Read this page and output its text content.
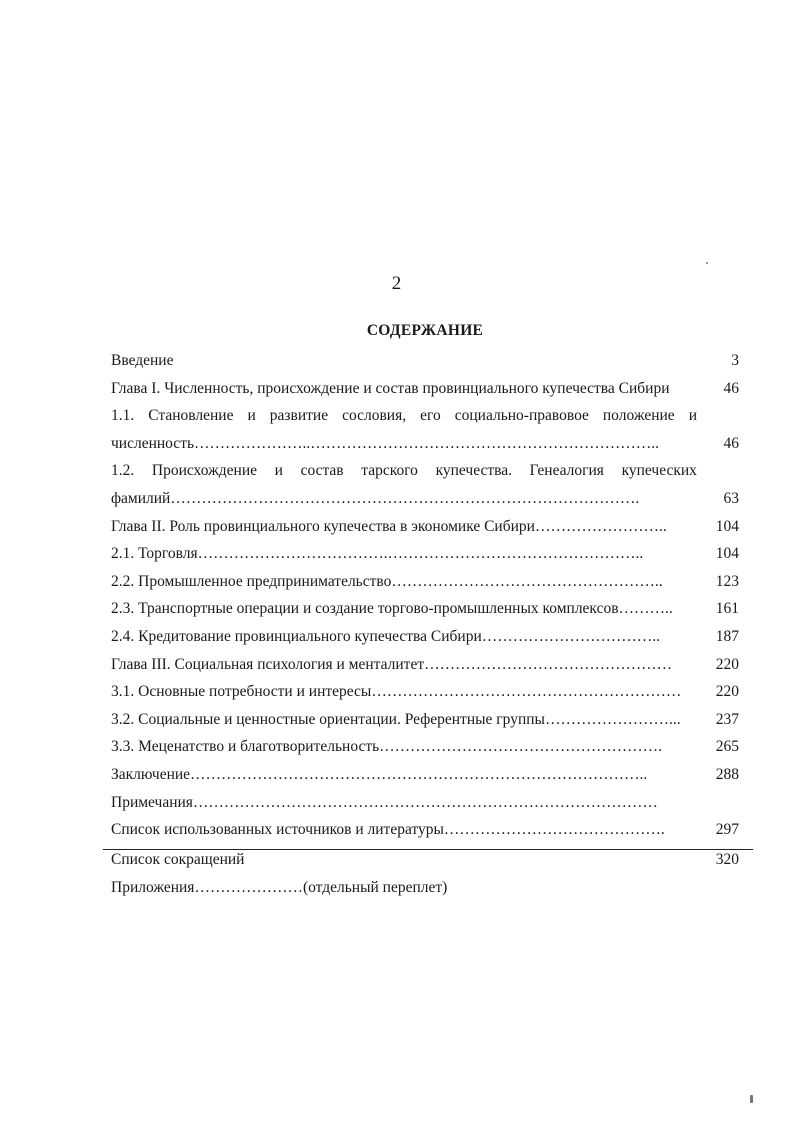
2
СОДЕРЖАНИЕ
Введение	3
Глава I. Численность, происхождение и состав провинциального купечества Сибири	46
1.1. Становление и развитие сословия, его социально-правовое положение и
численность…………………..…………………………………………………………..	46
1.2. Происхождение и состав тарского купечества. Генеалогия купеческих
фамилий……………………………………………………………………………….	63
Глава II. Роль провинциального купечества в экономике Сибири……………………..	104
2.1. Торговля……………………………….…………………………………………..	104
2.2. Промышленное предпринимательство……………………………………………..	123
2.3. Транспортные операции и создание торгово-промышленных комплексов………..	161
2.4. Кредитование провинциального купечества Сибири……………………………..	187
Глава III. Социальная психология и менталитет…………………………………………	220
3.1. Основные потребности и интересы……………………………………………………	220
3.2. Социальные и ценностные ориентации. Референтные группы……………………...	237
3.3. Меценатство и благотворительность……………………………………………….	265
Заключение……………………………………………………………………………..	288
Примечания………………………………………………………………………………
Список использованных источников и литературы…………………………………….	297
Список сокращений	320
Приложения…………………(отдельный переплет)
